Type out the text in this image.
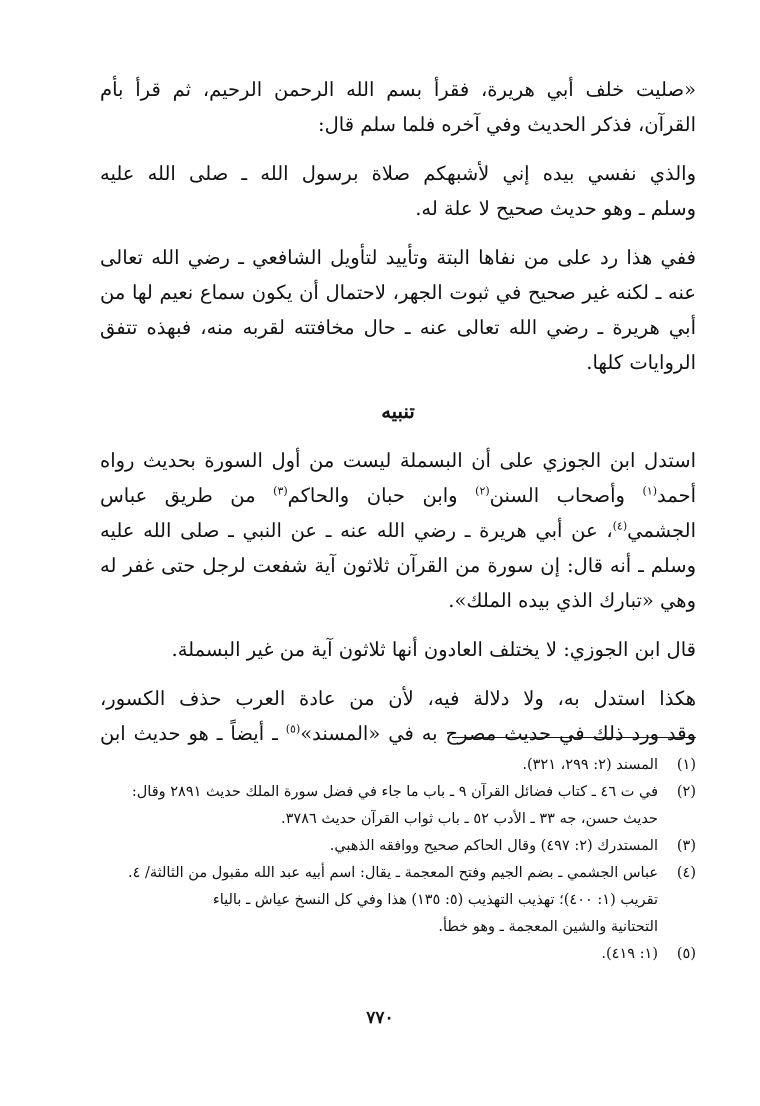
«صليت خلف أبي هريرة، فقرأ بسم الله الرحمن الرحيم، ثم قرأ بأم
القرآن، فذكر الحديث وفي آخره فلما سلم قال:
والذي نفسي بيده إني لأشبهكم صلاة برسول الله ـ صلى الله عليه
وسلم ـ وهو حديث صحيح لا علة له.
ففي هذا رد على من نفاها البتة وتأييد لتأويل الشافعي ـ رضي الله تعالى
عنه ـ لكنه غير صحيح في ثبوت الجهر، لاحتمال أن يكون سماع نعيم لها من
أبي هريرة ـ رضي الله تعالى عنه ـ حال مخافتته لقربه منه، فبهذه تتفق
الروايات كلها.
تنبيه
استدل ابن الجوزي على أن البسملة ليست من أول السورة بحديث رواه
أحمد$^{(١)}$ وأصحاب السنن$^{(٢)}$ وابن حبان والحاكم$^{(٣)}$ من طريق عباس
الجشمي$^{(٤)}$، عن أبي هريرة ـ رضي الله عنه ـ عن النبي ـ صلى الله عليه
وسلم ـ أنه قال: إن سورة من القرآن ثلاثون آية شفعت لرجل حتى غفر له
وهي «تبارك الذي بيده الملك».
قال ابن الجوزي: لا يختلف العادون أنها ثلاثون آية من غير البسملة.
هكذا استدل به، ولا دلالة فيه، لأن من عادة العرب حذف الكسور،
وقد ورد ذلك في حديث مصرح به في «المسند»$^{(٥)}$ ـ أيضاً ـ هو حديث ابن
(١)
المسند (٢: ٢٩٩، ٣٢١).
(٢)
في ت ٤٦ ـ كتاب فضائل القرآن ٩ ـ باب ما جاء في فضل سورة الملك حديث ٢٨٩١ وقال:
حديث حسن، جه ٣٣ ـ الأدب ٥٢ ـ باب ثواب القرآن حديث ٣٧٨٦.
(٣)
المستدرك (٢: ٤٩٧) وقال الحاكم صحيح ووافقه الذهبي.
(٤)
عباس الجشمي ـ بضم الجيم وفتح المعجمة ـ يقال: اسم أبيه عبد الله مقبول من الثالثة/ ٤.
تقريب (١: ٤٠٠)؛ تهذيب التهذيب (٥: ١٣٥) هذا وفي كل النسخ عياش ـ بالياء
التحتانية والشين المعجمة ـ وهو خطأ.
(٥)
(١: ٤١٩).
٧٧٠
